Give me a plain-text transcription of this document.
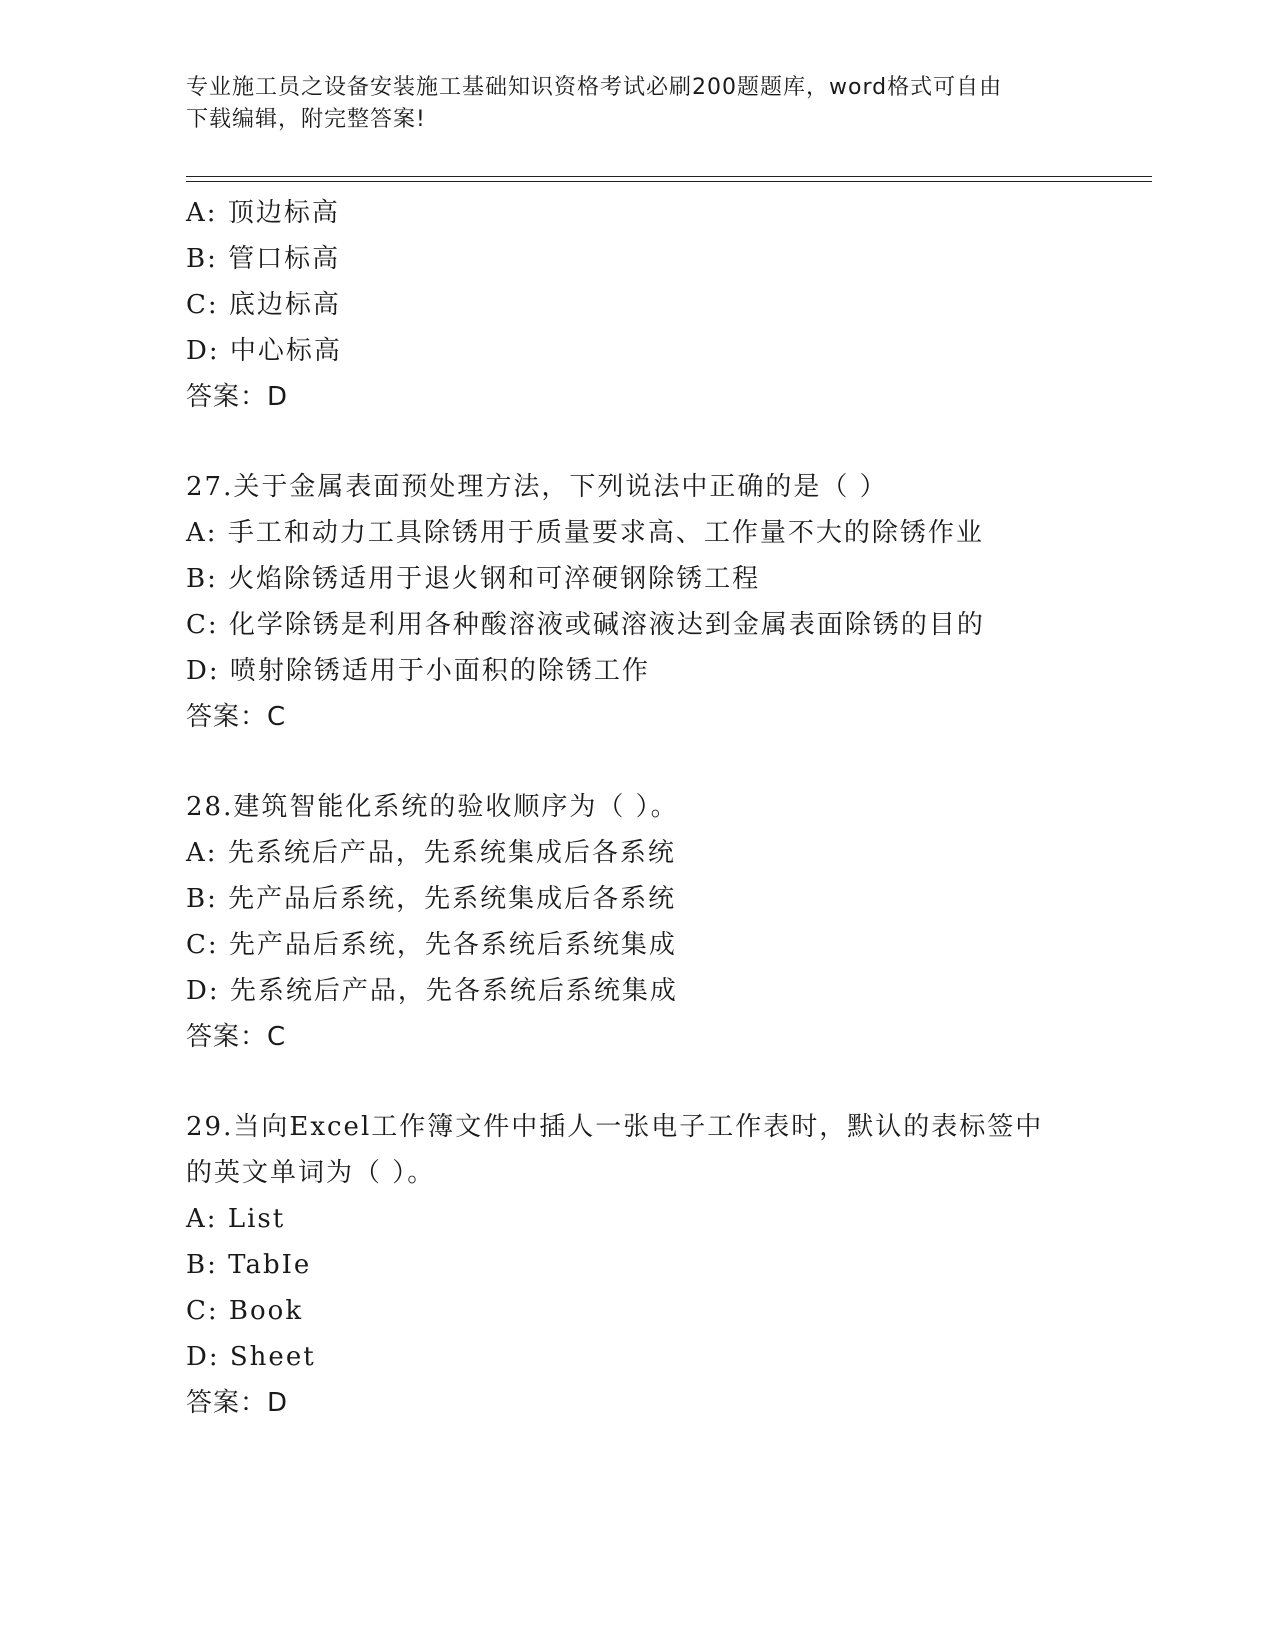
专业施工员之设备安装施工基础知识资格考试必刷200题题库，word格式可自由
下载编辑，附完整答案!
A: 顶边标高
B: 管口标高
C: 底边标高
D: 中心标高
答案：D
27.关于金属表面预处理方法，下列说法中正确的是（ ）
A: 手工和动力工具除锈用于质量要求高、工作量不大的除锈作业
B: 火焰除锈适用于退火钢和可淬硬钢除锈工程
C: 化学除锈是利用各种酸溶液或碱溶液达到金属表面除锈的目的
D: 喷射除锈适用于小面积的除锈工作
答案：C
28.建筑智能化系统的验收顺序为（ ）。
A: 先系统后产品，先系统集成后各系统
B: 先产品后系统，先系统集成后各系统
C: 先产品后系统，先各系统后系统集成
D: 先系统后产品，先各系统后系统集成
答案：C
29.当向Excel工作簿文件中插人一张电子工作表时，默认的表标签中
的英文单词为（ ）。
A: List
B: TabIe
C: Book
D: Sheet
答案：D
